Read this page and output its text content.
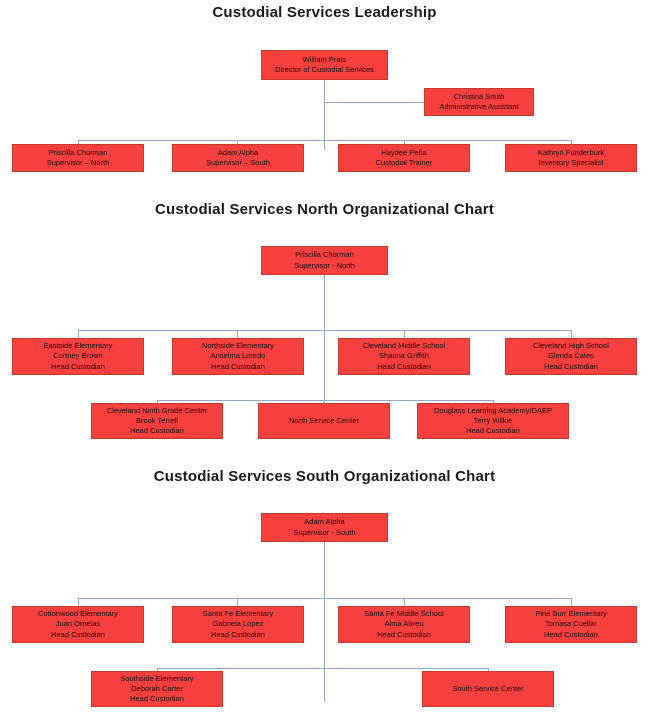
Custodial Services Leadership
William Prats
Director of Custodial Services
Christina Smith
Administrative Assistant
Priscilla Chorman
Supervisor – North
Adam Alpha
Supervisor – South
Haydee Peña
Custodial Trainer
Kathryn Funderburk
Inventory Specialist
Custodial Services North Organizational Chart
Priscilla Chorman
Supervisor - North
Eastside Elementary
Cortney Brown
Head Custodian
Northside Elementary
Anselma Loredo
Head Custodian
Cleveland Middle School
Shauna Griffith
Head Custodian
Cleveland High School
Glenda Cates
Head Custodian
Cleveland Ninth Grade Center
Brook Terrell
Head Custodian
North Service Center
Douglass Learning Academy/DAEP
Terry Wilkie
Head Custodian
Custodial Services South Organizational Chart
Adam Alpha
Supervisor - South
Cottonwood Elementary
Juan Ornelas
Head Custodian
Santa Fe Elementary
Gabriela Lopez
Head Custodian
Santa Fe Middle School
Alma Abreu
Head Custodian
Pine Burr Elementary
Tomasa Cuellar
Head Custodian
Southside Elementary
Deborah Carter
Head Custodian
South Service Center
